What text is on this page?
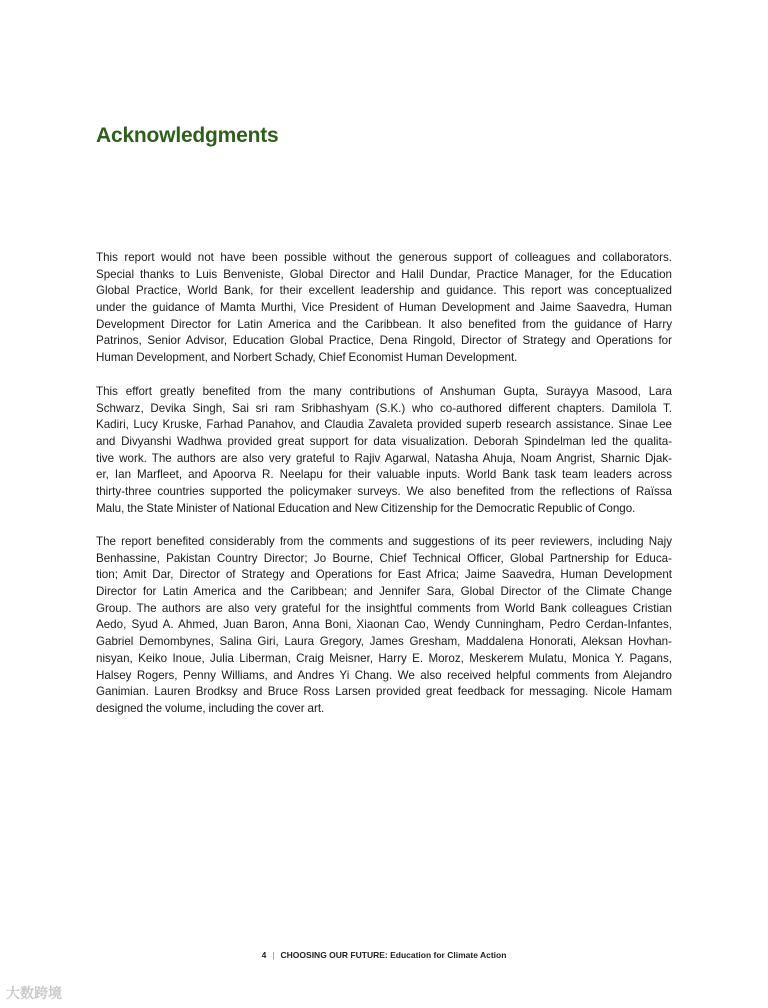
Acknowledgments
This report would not have been possible without the generous support of colleagues and collaborators.
Special thanks to Luis Benveniste, Global Director and Halil Dundar, Practice Manager, for the Education
Global Practice, World Bank, for their excellent leadership and guidance. This report was conceptualized
under the guidance of Mamta Murthi, Vice President of Human Development and Jaime Saavedra, Human
Development Director for Latin America and the Caribbean. It also benefited from the guidance of Harry
Patrinos, Senior Advisor, Education Global Practice, Dena Ringold, Director of Strategy and Operations for
Human Development, and Norbert Schady, Chief Economist Human Development.
This effort greatly benefited from the many contributions of Anshuman Gupta, Surayya Masood, Lara
Schwarz, Devika Singh, Sai sri ram Sribhashyam (S.K.) who co-authored different chapters. Damilola T.
Kadiri, Lucy Kruske, Farhad Panahov, and Claudia Zavaleta provided superb research assistance. Sinae Lee
and Divyanshi Wadhwa provided great support for data visualization. Deborah Spindelman led the qualita-
tive work. The authors are also very grateful to Rajiv Agarwal, Natasha Ahuja, Noam Angrist, Sharnic Djak-
er, Ian Marfleet, and Apoorva R. Neelapu for their valuable inputs. World Bank task team leaders across
thirty-three countries supported the policymaker surveys. We also benefited from the reflections of Raïssa
Malu, the State Minister of National Education and New Citizenship for the Democratic Republic of Congo.
The report benefited considerably from the comments and suggestions of its peer reviewers, including Najy
Benhassine, Pakistan Country Director; Jo Bourne, Chief Technical Officer, Global Partnership for Educa-
tion; Amit Dar, Director of Strategy and Operations for East Africa; Jaime Saavedra, Human Development
Director for Latin America and the Caribbean; and Jennifer Sara, Global Director of the Climate Change
Group. The authors are also very grateful for the insightful comments from World Bank colleagues Cristian
Aedo, Syud A. Ahmed, Juan Baron, Anna Boni, Xiaonan Cao, Wendy Cunningham, Pedro Cerdan-Infantes,
Gabriel Demombynes, Salina Giri, Laura Gregory, James Gresham, Maddalena Honorati, Aleksan Hovhan-
nisyan, Keiko Inoue, Julia Liberman, Craig Meisner, Harry E. Moroz, Meskerem Mulatu, Monica Y. Pagans,
Halsey Rogers, Penny Williams, and Andres Yi Chang. We also received helpful comments from Alejandro
Ganimian. Lauren Brodksy and Bruce Ross Larsen provided great feedback for messaging. Nicole Hamam
designed the volume, including the cover art.
4 | CHOOSING OUR FUTURE: Education for Climate Action
大数跨境
